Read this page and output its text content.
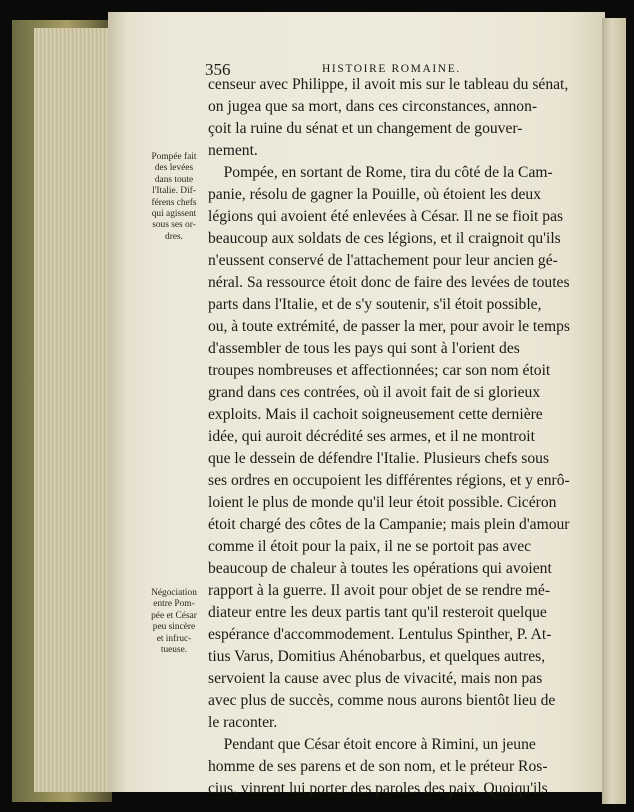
356	HISTOIRE ROMAINE.
censeur avec Philippe, il avoit mis sur le tableau du sénat,
on jugea que sa mort, dans ces circonstances, annon-
çoit la ruine du sénat et un changement de gouver-
nement.
Pompée, en sortant de Rome, tira du côté de la Cam-
panie, résolu de gagner la Pouille, où étoient les deux
légions qui avoient été enlevées à César. Il ne se fioit pas
beaucoup aux soldats de ces légions, et il craignoit qu'ils
n'eussent conservé de l'attachement pour leur ancien gé-
néral. Sa ressource étoit donc de faire des levées de toutes
parts dans l'Italie, et de s'y soutenir, s'il étoit possible,
ou, à toute extrémité, de passer la mer, pour avoir le temps
d'assembler de tous les pays qui sont à l'orient des
troupes nombreuses et affectionnées; car son nom étoit
grand dans ces contrées, où il avoit fait de si glorieux
exploits. Mais il cachoit soigneusement cette dernière
idée, qui auroit décrédité ses armes, et il ne montroit
que le dessein de défendre l'Italie. Plusieurs chefs sous
ses ordres en occupoient les différentes régions, et y enrô-
loient le plus de monde qu'il leur étoit possible. Cicéron
étoit chargé des côtes de la Campanie; mais plein d'amour
comme il étoit pour la paix, il ne se portoit pas avec
beaucoup de chaleur à toutes les opérations qui avoient
rapport à la guerre. Il avoit pour objet de se rendre mé-
diateur entre les deux partis tant qu'il resteroit quelque
espérance d'accommodement. Lentulus Spinther, P. At-
tius Varus, Domitius Ahénobarbus, et quelques autres,
servoient la cause avec plus de vivacité, mais non pas
avec plus de succès, comme nous aurons bientôt lieu de
le raconter.
Pendant que César étoit encore à Rimini, un jeune
homme de ses parens et de son nom, et le préteur Ros-
cius, vinrent lui porter des paroles des paix. Quoiqu'ils
Pompée fait
des levées
dans toute
l'Italie. Dif-
férens chefs
qui agissent
sous ses or-
dres.
Négociation
entre Pom-
pée et César
peu sincère
et infruc-
tueuse.
